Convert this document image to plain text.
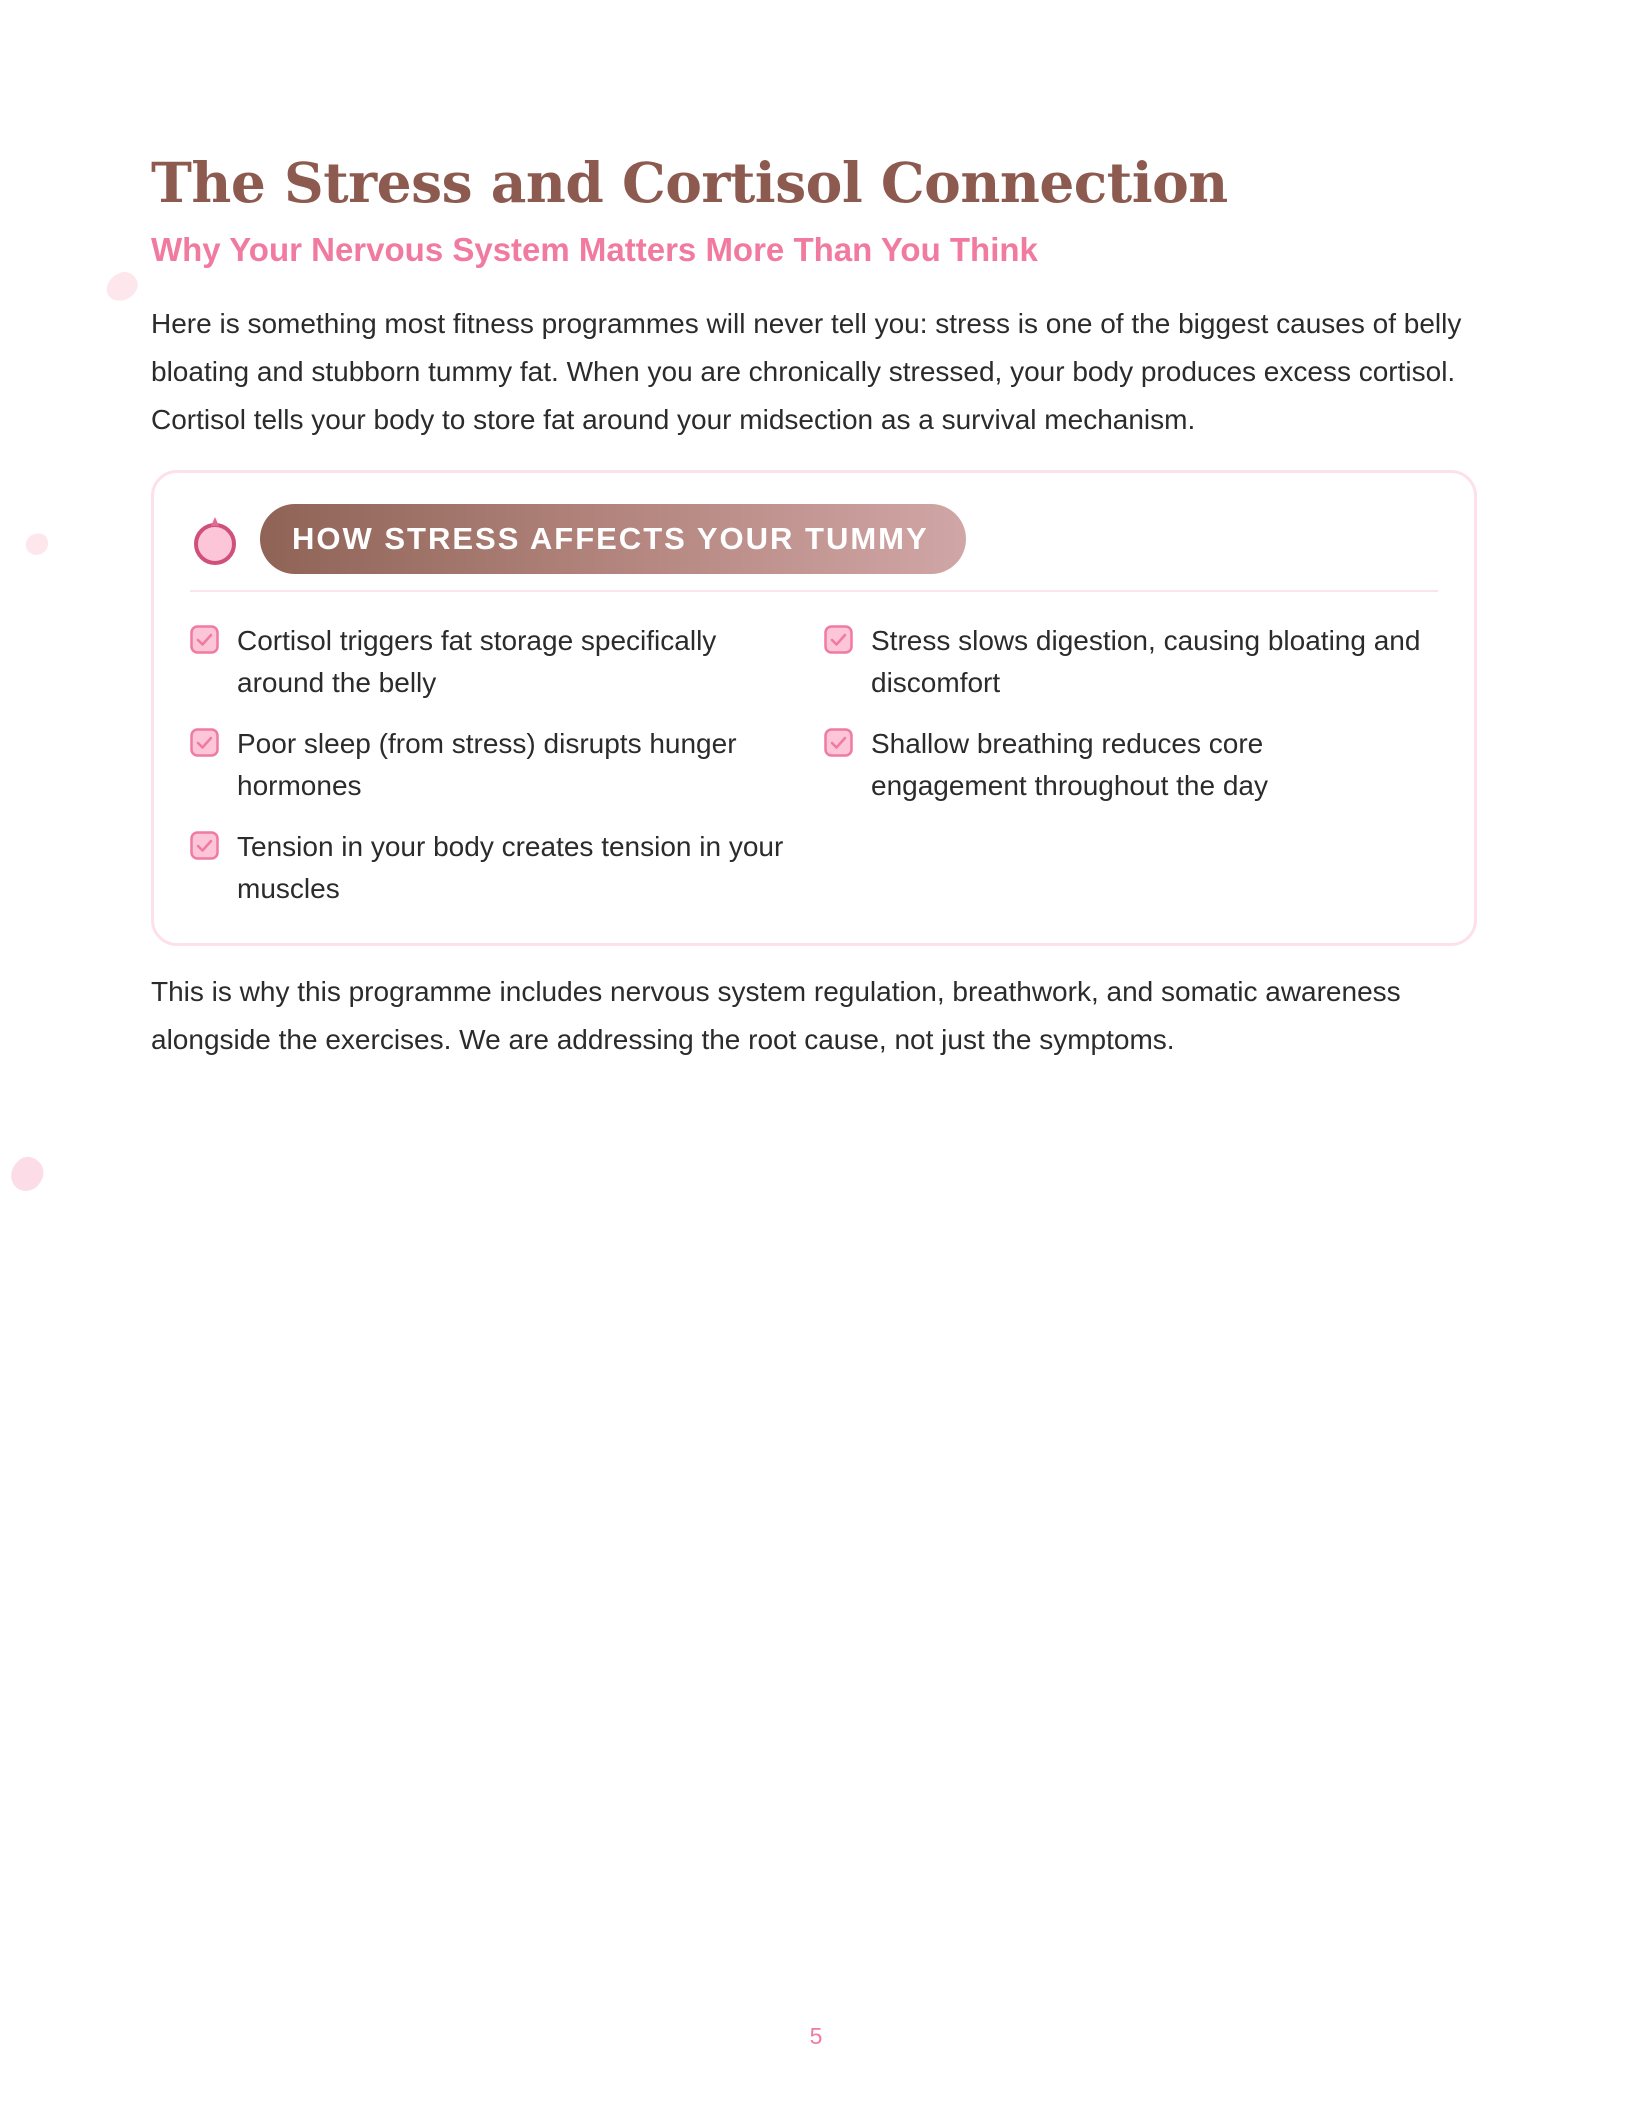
The Stress and Cortisol Connection
Why Your Nervous System Matters More Than You Think

Here is something most fitness programmes will never tell you: stress is one of the biggest causes of belly bloating and stubborn tummy fat. When you are chronically stressed, your body produces excess cortisol. Cortisol tells your body to store fat around your midsection as a survival mechanism.

HOW STRESS AFFECTS YOUR TUMMY
Cortisol triggers fat storage specifically around the belly
Stress slows digestion, causing bloating and discomfort
Poor sleep (from stress) disrupts hunger hormones
Shallow breathing reduces core engagement throughout the day
Tension in your body creates tension in your muscles

This is why this programme includes nervous system regulation, breathwork, and somatic awareness alongside the exercises. We are addressing the root cause, not just the symptoms.

5
